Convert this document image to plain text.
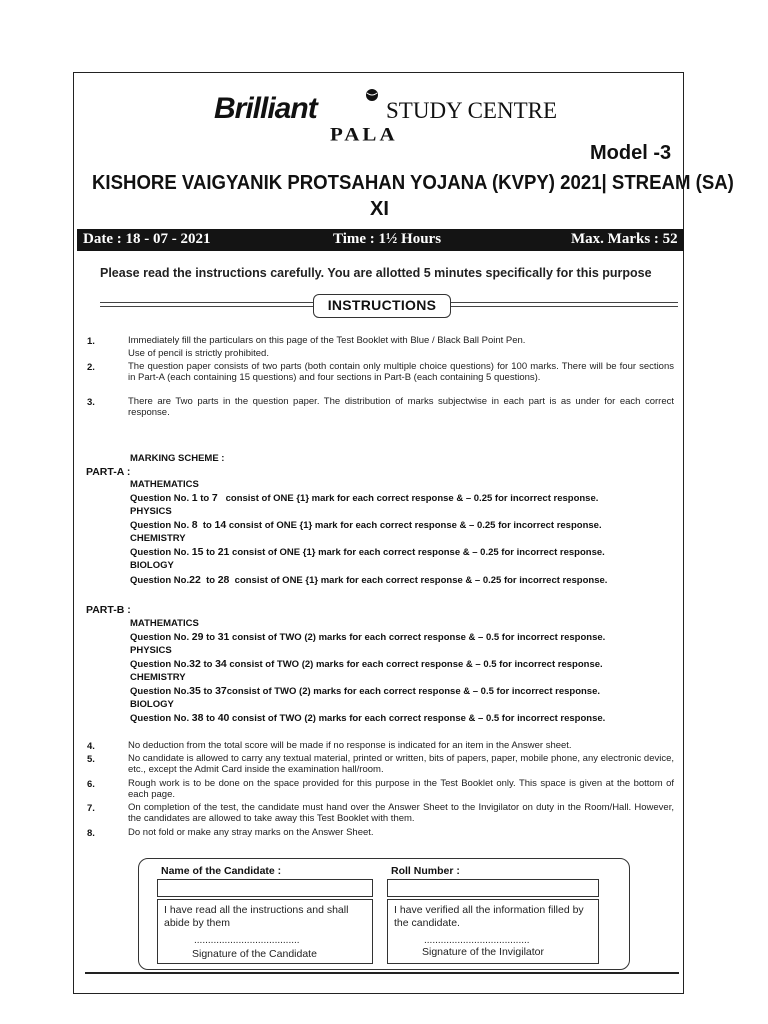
Brilliant	STUDY CENTRE
PALA
Model -3
KISHORE VAIGYANIK PROTSAHAN YOJANA (KVPY) 2021| STREAM (SA)
XI
Date : 18 - 07 - 2021	Time : 1½ Hours	Max. Marks : 52
Please read the instructions carefully. You are allotted 5 minutes specifically for this purpose
INSTRUCTIONS
1.	Immediately fill the particulars on this page of the Test Booklet with Blue / Black Ball Point Pen.
Use of pencil is strictly prohibited.
2.	The question paper consists of two parts (both contain only multiple choice questions) for 100 marks. There will be four sections in Part-A (each containing 15 questions) and four sections in Part-B (each containing 5 questions).
3.	There are Two parts in the question paper. The distribution of marks subjectwise in each part is as under for each correct response.
MARKING SCHEME :
PART-A :
MATHEMATICS
Question No. 1 to 7 consist of ONE {1} mark for each correct response & – 0.25 for incorrect response.
PHYSICS
Question No. 8 to 14 consist of ONE {1} mark for each correct response & – 0.25 for incorrect response.
CHEMISTRY
Question No. 15 to 21 consist of ONE {1} mark for each correct response & – 0.25 for incorrect response.
BIOLOGY
Question No.22 to 28 consist of ONE {1} mark for each correct response & – 0.25 for incorrect response.
PART-B :
MATHEMATICS
Question No. 29 to 31 consist of TWO (2) marks for each correct response & – 0.5 for incorrect response.
PHYSICS
Question No.32 to 34 consist of TWO (2) marks for each correct response & – 0.5 for incorrect response.
CHEMISTRY
Question No.35 to 37consist of TWO (2) marks for each correct response & – 0.5 for incorrect response.
BIOLOGY
Question No. 38 to 40 consist of TWO (2) marks for each correct response & – 0.5 for incorrect response.
4.	No deduction from the total score will be made if no response is indicated for an item in the Answer sheet.
5.	No candidate is allowed to carry any textual material, printed or written, bits of papers, paper, mobile phone, any electronic device, etc., except the Admit Card inside the examination hall/room.
6.	Rough work is to be done on the space provided for this purpose in the Test Booklet only. This space is given at the bottom of each page.
7.	On completion of the test, the candidate must hand over the Answer Sheet to the Invigilator on duty in the Room/Hall. However, the candidates are allowed to take away this Test Booklet with them.
8.	Do not fold or make any stray marks on the Answer Sheet.
Name of the Candidate :	Roll Number :
I have read all the instructions and shall abide by them
......................................
Signature of the Candidate
I have verified all the information filled by the candidate.
......................................
Signature of the Invigilator
